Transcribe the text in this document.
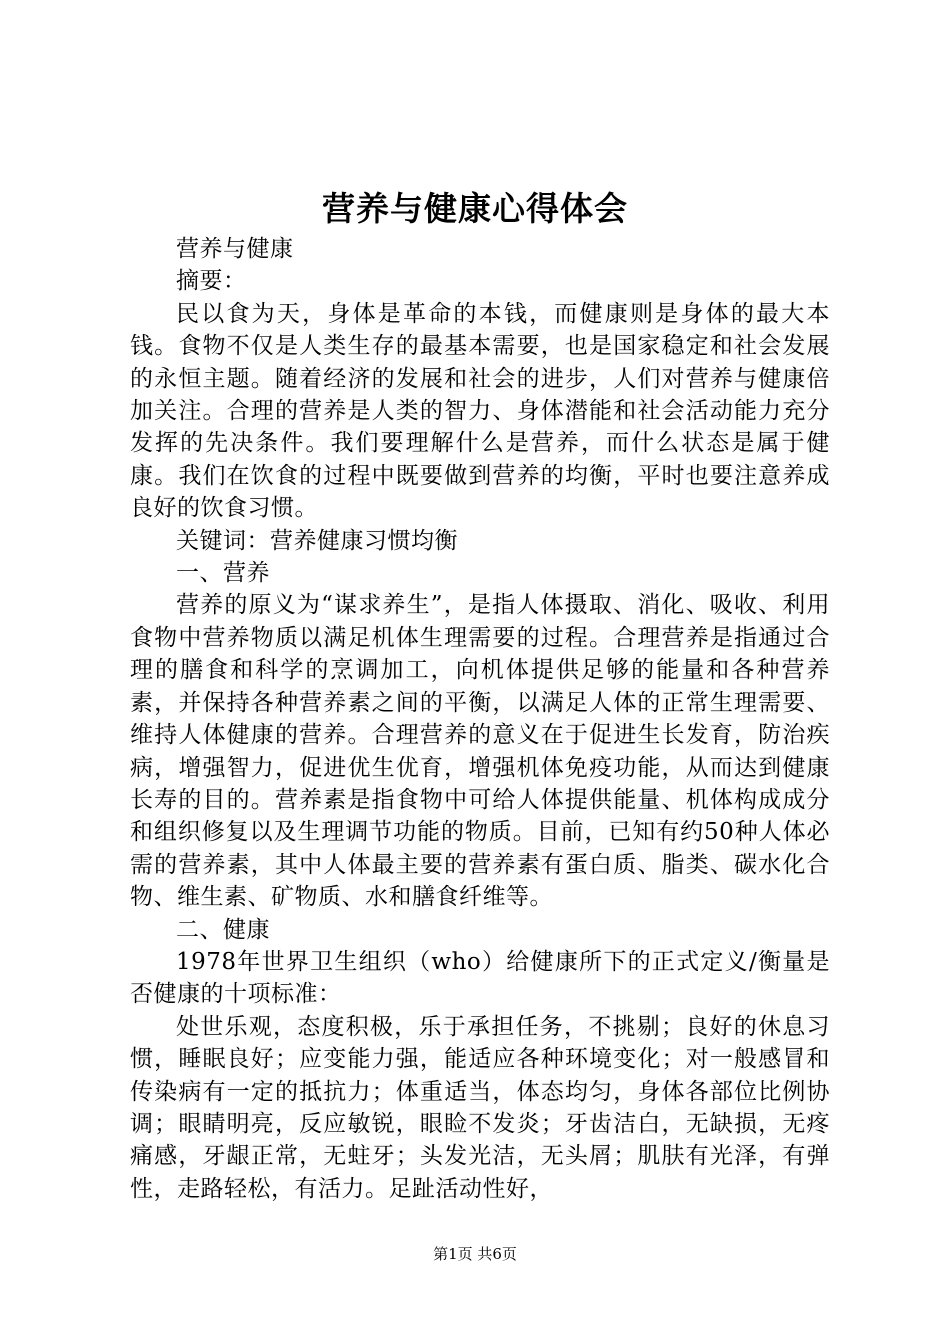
营养与健康心得体会

营养与健康

摘要：

民以食为天，身体是革命的本钱，而健康则是身体的最大本钱。食物不仅是人类生存的最基本需要，也是国家稳定和社会发展的永恒主题。随着经济的发展和社会的进步，人们对营养与健康倍加关注。合理的营养是人类的智力、身体潜能和社会活动能力充分发挥的先决条件。我们要理解什么是营养，而什么状态是属于健康。我们在饮食的过程中既要做到营养的均衡，平时也要注意养成良好的饮食习惯。

关键词：营养健康习惯均衡

一、营养

营养的原义为“谋求养生”，是指人体摄取、消化、吸收、利用食物中营养物质以满足机体生理需要的过程。合理营养是指通过合理的膳食和科学的烹调加工，向机体提供足够的能量和各种营养素，并保持各种营养素之间的平衡，以满足人体的正常生理需要、维持人体健康的营养。合理营养的意义在于促进生长发育，防治疾病，增强智力，促进优生优育，增强机体免疫功能，从而达到健康长寿的目的。营养素是指食物中可给人体提供能量、机体构成成分和组织修复以及生理调节功能的物质。目前，已知有约50种人体必需的营养素，其中人体最主要的营养素有蛋白质、脂类、碳水化合物、维生素、矿物质、水和膳食纤维等。

二、健康

1978年世界卫生组织（who）给健康所下的正式定义/衡量是否健康的十项标准：

处世乐观，态度积极，乐于承担任务，不挑剔；良好的休息习惯，睡眠良好；应变能力强，能适应各种环境变化；对一般感冒和传染病有一定的抵抗力；体重适当，体态均匀，身体各部位比例协调；眼睛明亮，反应敏锐，眼睑不发炎；牙齿洁白，无缺损，无疼痛感，牙龈正常，无蛀牙；头发光洁，无头屑；肌肤有光泽，有弹性，走路轻松，有活力。足趾活动性好，

第1页 共6页
